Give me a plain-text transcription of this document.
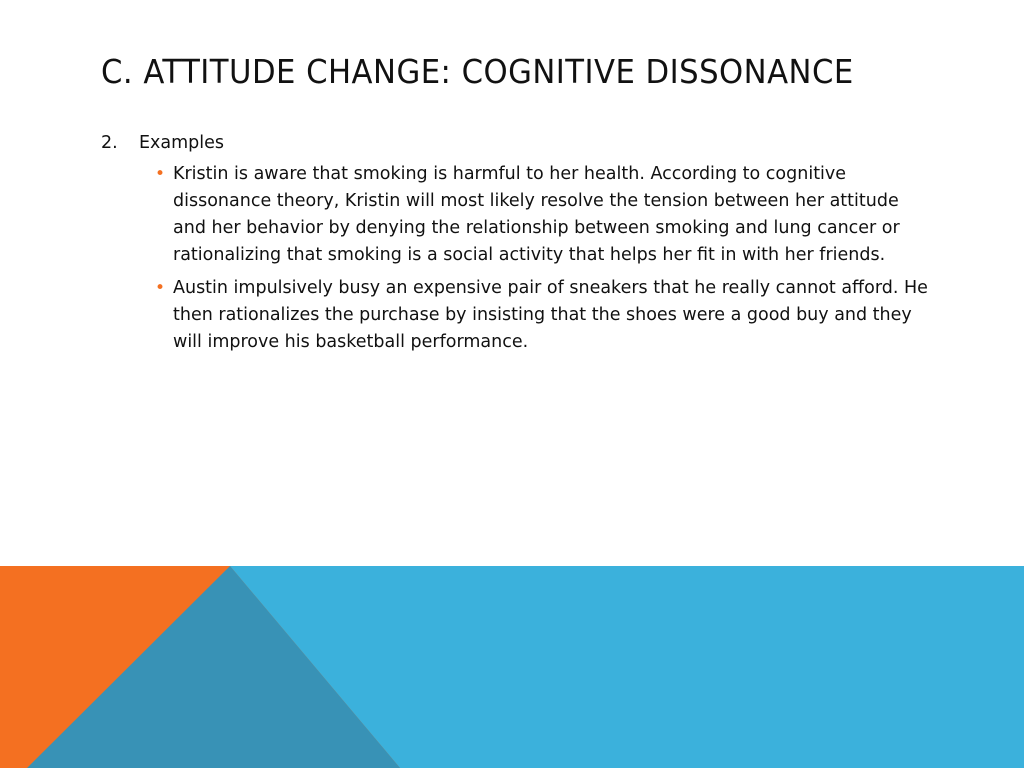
C. ATTITUDE CHANGE: COGNITIVE DISSONANCE
2.	Examples
• Kristin is aware that smoking is harmful to her health. According to cognitive dissonance theory, Kristin will most likely resolve the tension between her attitude and her behavior by denying the relationship between smoking and lung cancer or rationalizing that smoking is a social activity that helps her fit in with her friends.
• Austin impulsively busy an expensive pair of sneakers that he really cannot afford. He then rationalizes the purchase by insisting that the shoes were a good buy and they will improve his basketball performance.
